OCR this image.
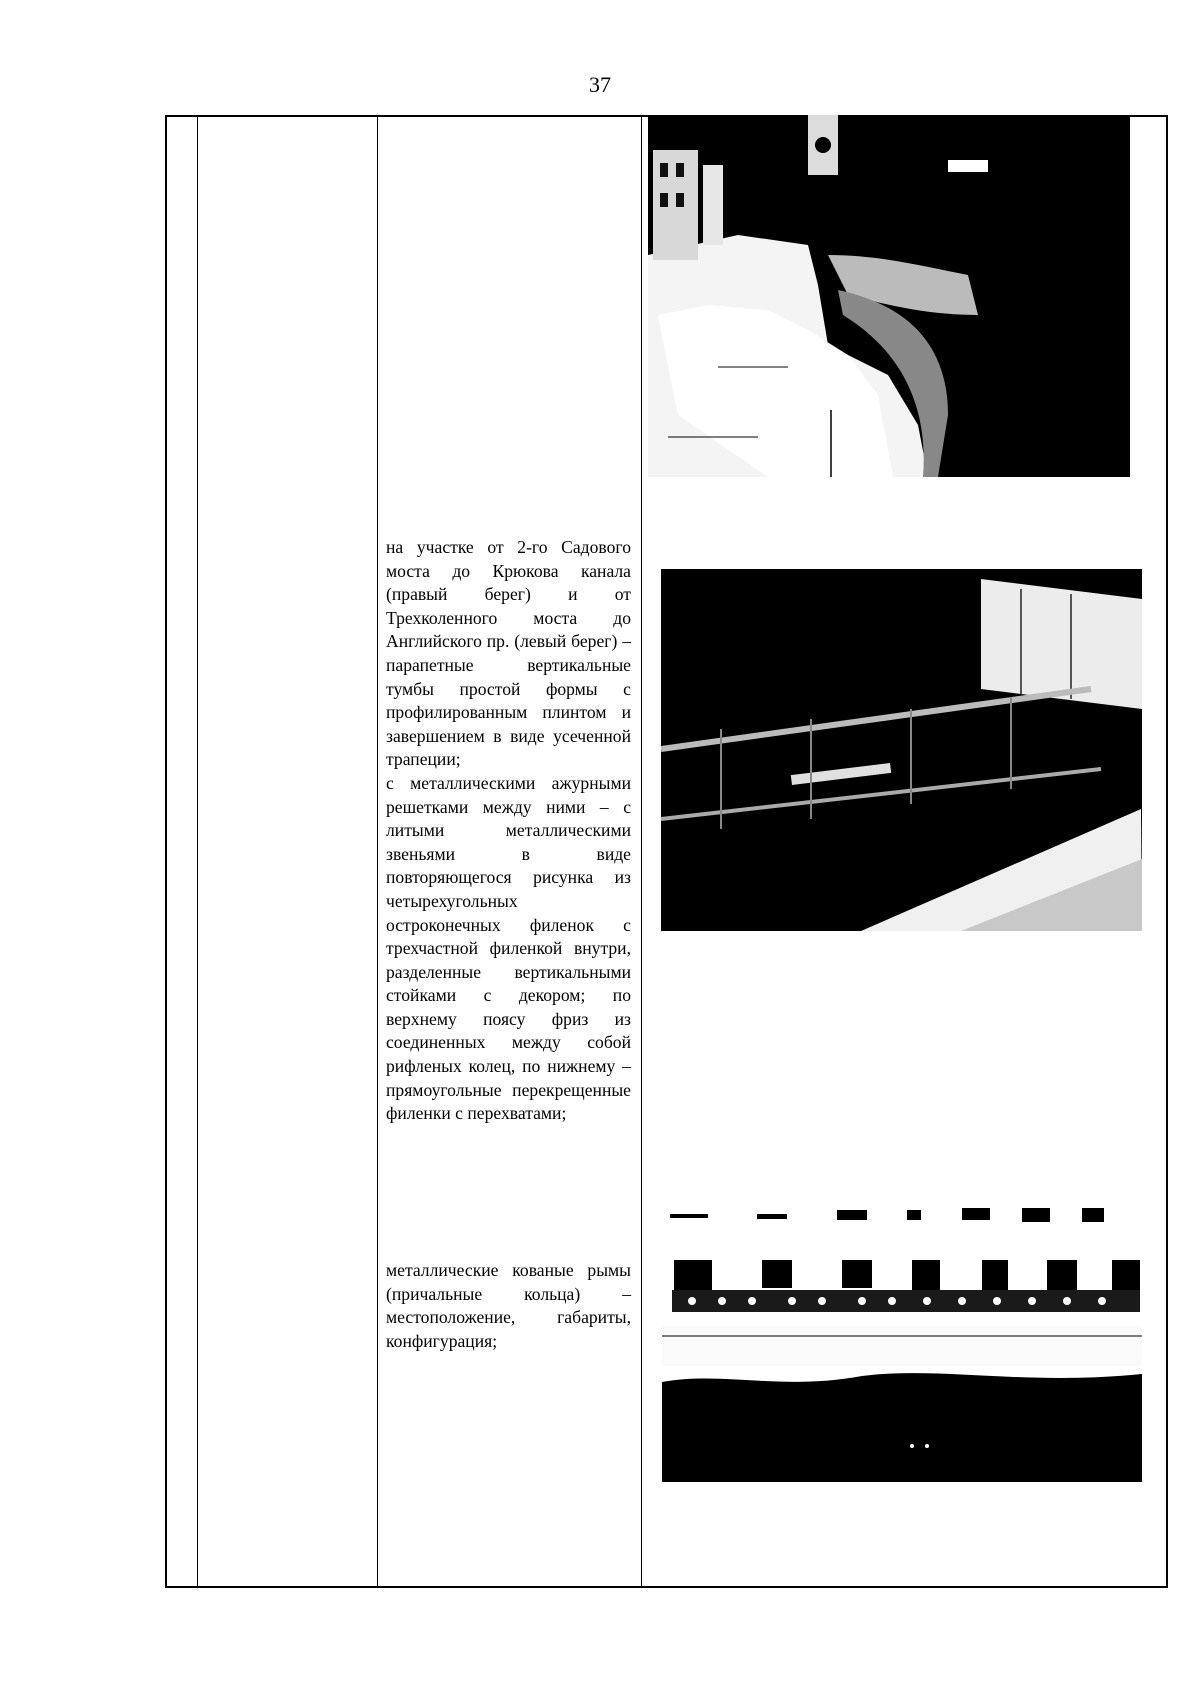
37

на участке от 2-го Садового моста до Крюкова канала (правый берег) и от Трехколенного моста до Английского пр. (левый берег) – парапетные вертикальные тумбы простой формы с профилированным плинтом и завершением в виде усеченной трапеции;

с металлическими ажурными решетками между ними – с литыми металлическими звеньями в виде повторяющегося рисунка из четырехугольных остроконечных филенок с трехчастной филенкой внутри, разделенные вертикальными стойками с декором; по верхнему поясу фриз из соединенных между собой рифленых колец, по нижнему – прямоугольные перекрещенные филенки с перехватами;

металлические кованые рымы (причальные кольца) – местоположение, габариты, конфигурация;
